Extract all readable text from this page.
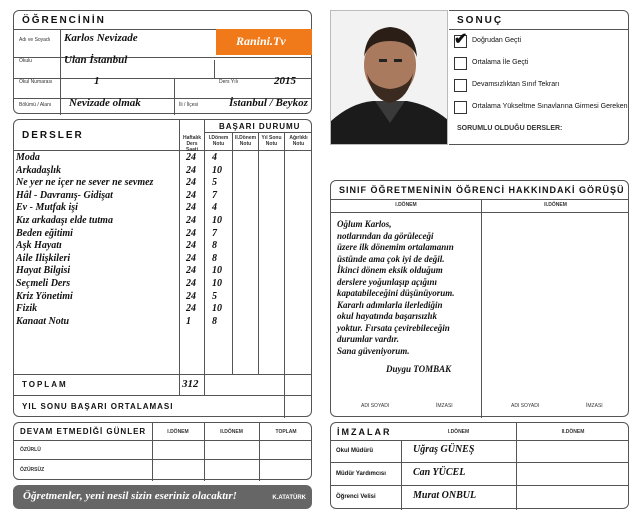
ÖĞRENCİNİN
Adı ve Soyadı Karlos Nevizade	Ranini.Tv
Okulu	Ulan İstanbul
Okul Numarası	1	Ders Yılı	2015
Bölümü / Alanı Nevizade olmak	İli / İlçesi	İstanbul / Beykoz
DERSLER
BAŞARI DURUMU
Haftalık Ders Saati
I.Dönem Notu
II.Dönem Notu
Yıl Sonu Notu
Ağırlıklı Notu
Moda	24 4
Arkadaşlık	24 10
Ne yer ne içer ne sever ne sevmez	24 5
Hâl - Davranış- Gidişat	24 7
Ev - Mutfak işi	24 4
Kız arkadaşı elde tutma	24 10
Beden eğitimi	24 7
Aşk Hayatı	24 8
Aile İlişkileri	24 8
Hayat Bilgisi	24 10
Seçmeli Ders	24 10
Kriz Yönetimi	24 5
Fizik	24 10
Kanaat Notu	1 8
TOPLAM	312
YIL SONU BAŞARI ORTALAMASI
DEVAM ETMEDİĞİ GÜNLER	I.DÖNEM	II.DÖNEM	TOPLAM
ÖZÜRLÜ
ÖZÜRSÜZ
Öğretmenler, yeni nesil sizin eseriniz olacaktır!	K.ATATÜRK
SONUÇ
✔ Doğrudan Geçti
Ortalama İle Geçti
Devamsızlıktan Sınıf Tekrarı
Ortalama Yükseltme Sınavlarına Girmesi Gereken
SORUMLU OLDUĞU DERSLER:
SINIF ÖĞRETMENİNİN ÖĞRENCİ HAKKINDAKİ GÖRÜŞÜ
I.DÖNEM	II.DÖNEM
Oğlum Karlos,
notlarından da görüleceği
üzere ilk dönemim ortalamanın
üstünde ama çok iyi de değil.
İkinci dönem eksik olduğum
derslere yoğunlaşıp açığını
kapatabileceğini düşünüyorum.
Kararlı adımlarla ilerlediğin
okul hayatında başarısızlık
yoktur. Fırsata çevirebileceğin
durumlar vardır.
Sana güveniyorum.
Duygu TOMBAK
ADI SOYADI	İMZASI	ADI SOYADI	İMZASI
İMZALAR	I.DÖNEM	II.DÖNEM
Okul Müdürü	Uğraş GÜNEŞ
Müdür Yardımcısı	Can YÜCEL
Öğrenci Velisi	Murat ONBUL
